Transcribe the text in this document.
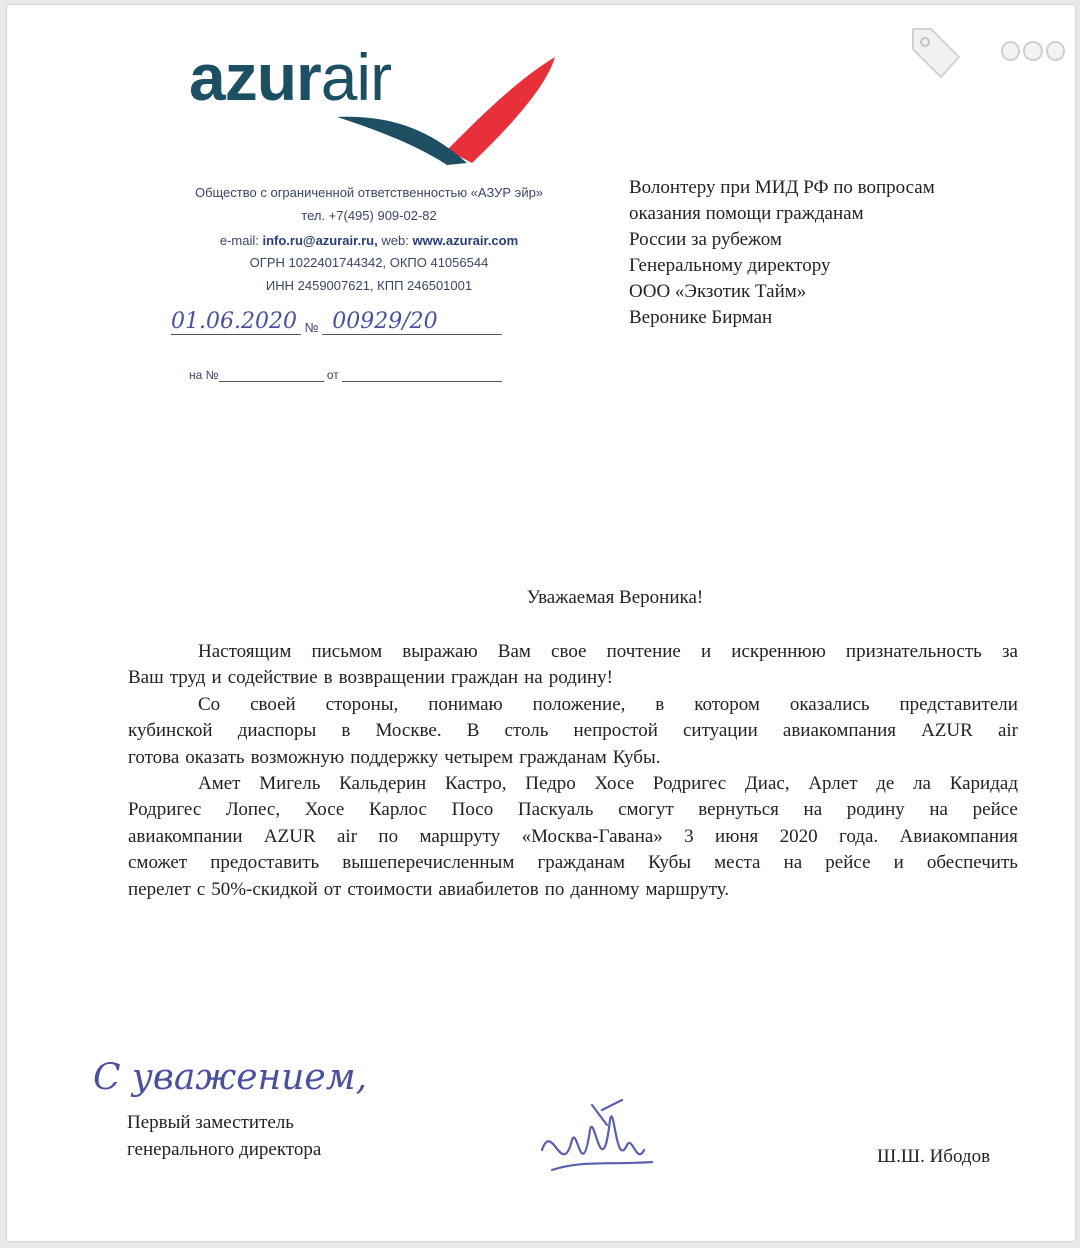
azurair
Общество с ограниченной ответственностью «АЗУР эйр»
тел. +7(495) 909-02-82
e-mail: info.ru@azurair.ru, web: www.azurair.com
ОГРН 1022401744342, ОКПО 41056544
ИНН 2459007621, КПП 246501001
01.06.2020 № 00929/20
на №	от
Волонтеру при МИД РФ по вопросам
оказания помощи гражданам
России за рубежом
Генеральному директору
ООО «Экзотик Тайм»
Веронике Бирман
Уважаемая Вероника!
Настоящим письмом выражаю Вам свое почтение и искреннюю признательность за
Ваш труд и содействие в возвращении граждан на родину!
Со своей стороны, понимаю положение, в котором оказались представители
кубинской диаспоры в Москве. В столь непростой ситуации авиакомпания AZUR air
готова оказать возможную поддержку четырем гражданам Кубы.
Амет Мигель Кальдерин Кастро, Педро Хосе Родригес Диас, Арлет де ла Каридад
Родригес Лопес, Хосе Карлос Посо Паскуаль смогут вернуться на родину на рейсе
авиакомпании AZUR air по маршруту «Москва-Гавана» 3 июня 2020 года. Авиакомпания
сможет предоставить вышеперечисленным гражданам Кубы места на рейсе и обеспечить
перелет с 50%-скидкой от стоимости авиабилетов по данному маршруту.
С уважением,
Первый заместитель
генерального директора	Ш.Ш. Ибодов
